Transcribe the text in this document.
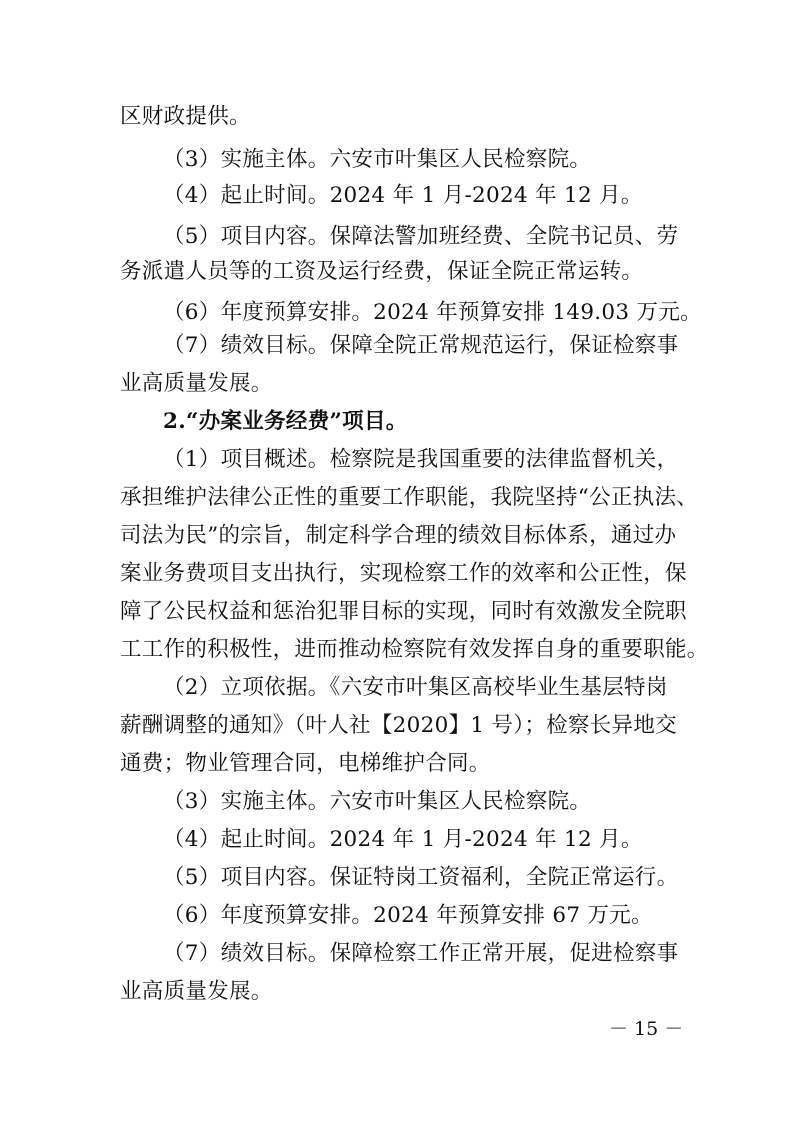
区财政提供。
（3）实施主体。六安市叶集区人民检察院。
（4）起止时间。2024 年 1 月-2024 年 12 月。
（5）项目内容。保障法警加班经费、全院书记员、劳
务派遣人员等的工资及运行经费，保证全院正常运转。
（6）年度预算安排。2024 年预算安排 149.03 万元。
（7）绩效目标。保障全院正常规范运行，保证检察事
业高质量发展。
2.“办案业务经费”项目。
（1）项目概述。检察院是我国重要的法律监督机关，
承担维护法律公正性的重要工作职能，我院坚持“公正执法、
司法为民”的宗旨，制定科学合理的绩效目标体系，通过办
案业务费项目支出执行，实现检察工作的效率和公正性，保
障了公民权益和惩治犯罪目标的实现，同时有效激发全院职
工工作的积极性，进而推动检察院有效发挥自身的重要职能。
（2）立项依据。《六安市叶集区高校毕业生基层特岗
薪酬调整的通知》（叶人社【2020】1 号）；检察长异地交
通费；物业管理合同，电梯维护合同。
（3）实施主体。六安市叶集区人民检察院。
（4）起止时间。2024 年 1 月-2024 年 12 月。
（5）项目内容。保证特岗工资福利，全院正常运行。
（6）年度预算安排。2024 年预算安排 67 万元。
（7）绩效目标。保障检察工作正常开展，促进检察事
业高质量发展。
－ 15 －
